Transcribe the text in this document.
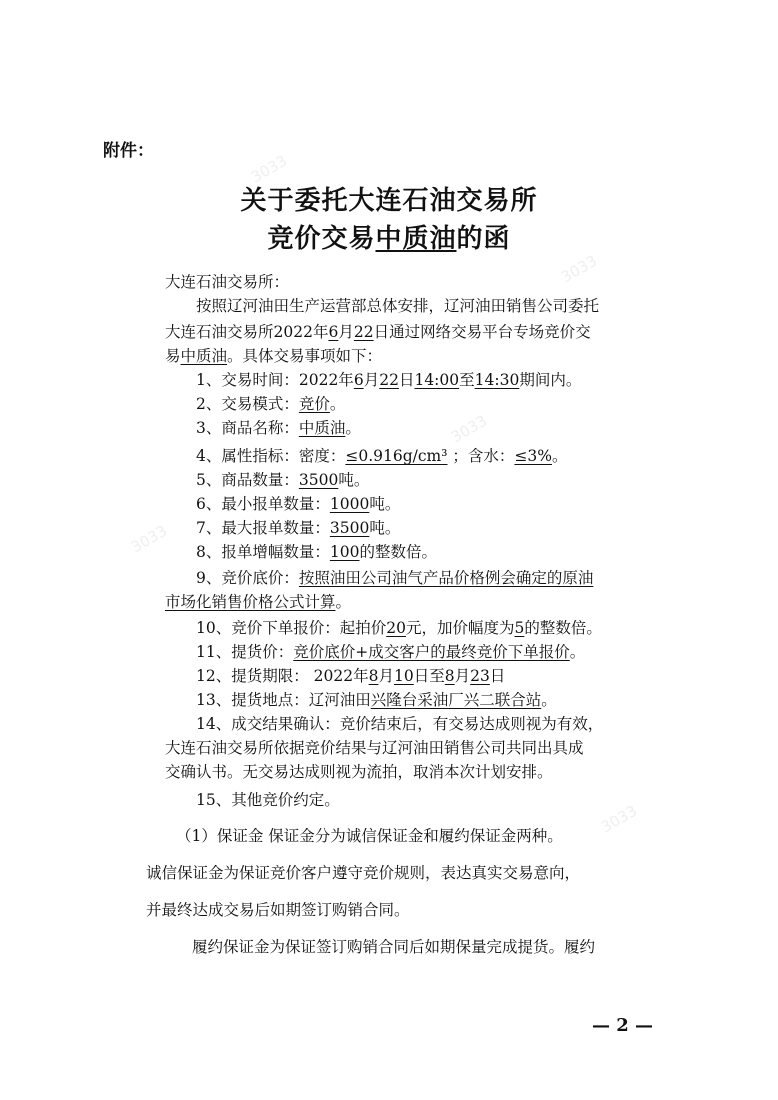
附件：
关于委托大连石油交易所
竞价交易中质油的函
大连石油交易所：
按照辽河油田生产运营部总体安排，辽河油田销售公司委托
大连石油交易所2022年6月22日通过网络交易平台专场竞价交
易中质油。具体交易事项如下：
1、交易时间：2022年6月22日14:00至14:30期间内。
2、交易模式：竞价。
3、商品名称：中质油。
4、属性指标：密度：≤0.916g/cm³ ；含水：≤3%。
5、商品数量：3500吨。
6、最小报单数量：1000吨。
7、最大报单数量：3500吨。
8、报单增幅数量：100的整数倍。
9、竞价底价：按照油田公司油气产品价格例会确定的原油
市场化销售价格公式计算。
10、竞价下单报价：起拍价20元，加价幅度为5的整数倍。
11、提货价：竞价底价+成交客户的最终竞价下单报价。
12、提货期限： 2022年8月10日至8月23日
13、提货地点：辽河油田兴隆台采油厂兴二联合站。
14、成交结果确认：竞价结束后，有交易达成则视为有效，
大连石油交易所依据竞价结果与辽河油田销售公司共同出具成
交确认书。无交易达成则视为流拍，取消本次计划安排。
15、其他竞价约定。
（1）保证金 保证金分为诚信保证金和履约保证金两种。
诚信保证金为保证竞价客户遵守竞价规则，表达真实交易意向，
并最终达成交易后如期签订购销合同。
履约保证金为保证签订购销合同后如期保量完成提货。履约
— 2 —
3033
3033
3033
3033
3033
